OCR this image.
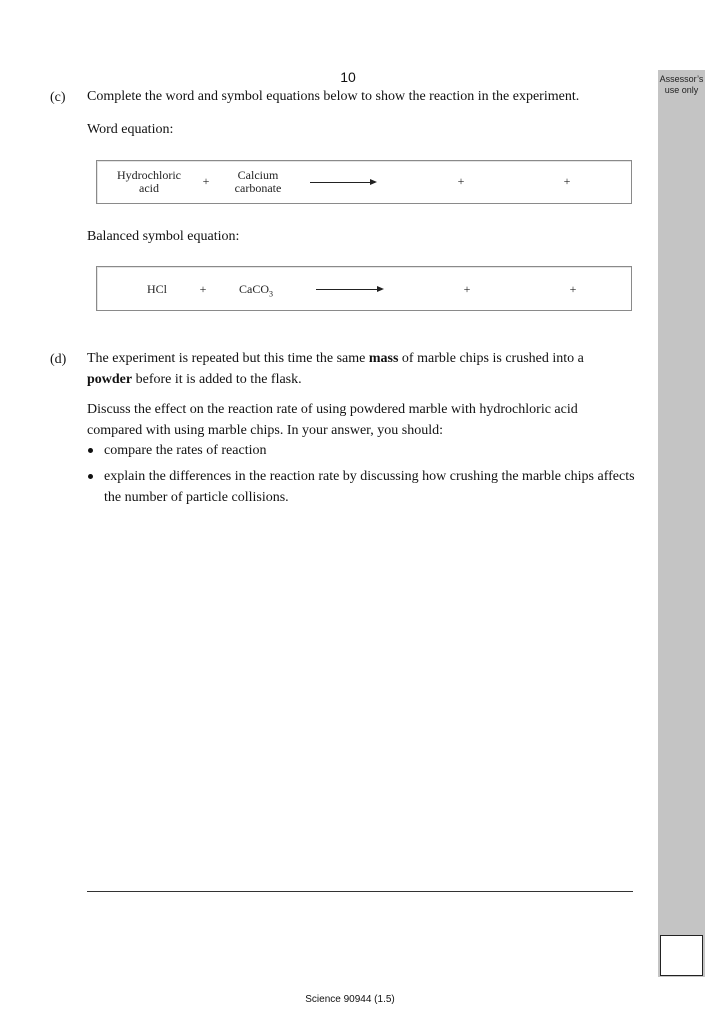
10	Assessor’s use only
(c) Complete the word and symbol equations below to show the reaction in the experiment.
Word equation:
Hydrochloric acid	+	Calcium carbonate	+	+
Balanced symbol equation:
HCl	+	CaCO$_3$	+	+
(d) The experiment is repeated but this time the same mass of marble chips is crushed into a powder before it is added to the flask.
Discuss the effect on the reaction rate of using powdered marble with hydrochloric acid compared with using marble chips. In your answer, you should:
compare the rates of reaction
explain the differences in the reaction rate by discussing how crushing the marble chips affects the number of particle collisions.
Science 90944 (1.5)
